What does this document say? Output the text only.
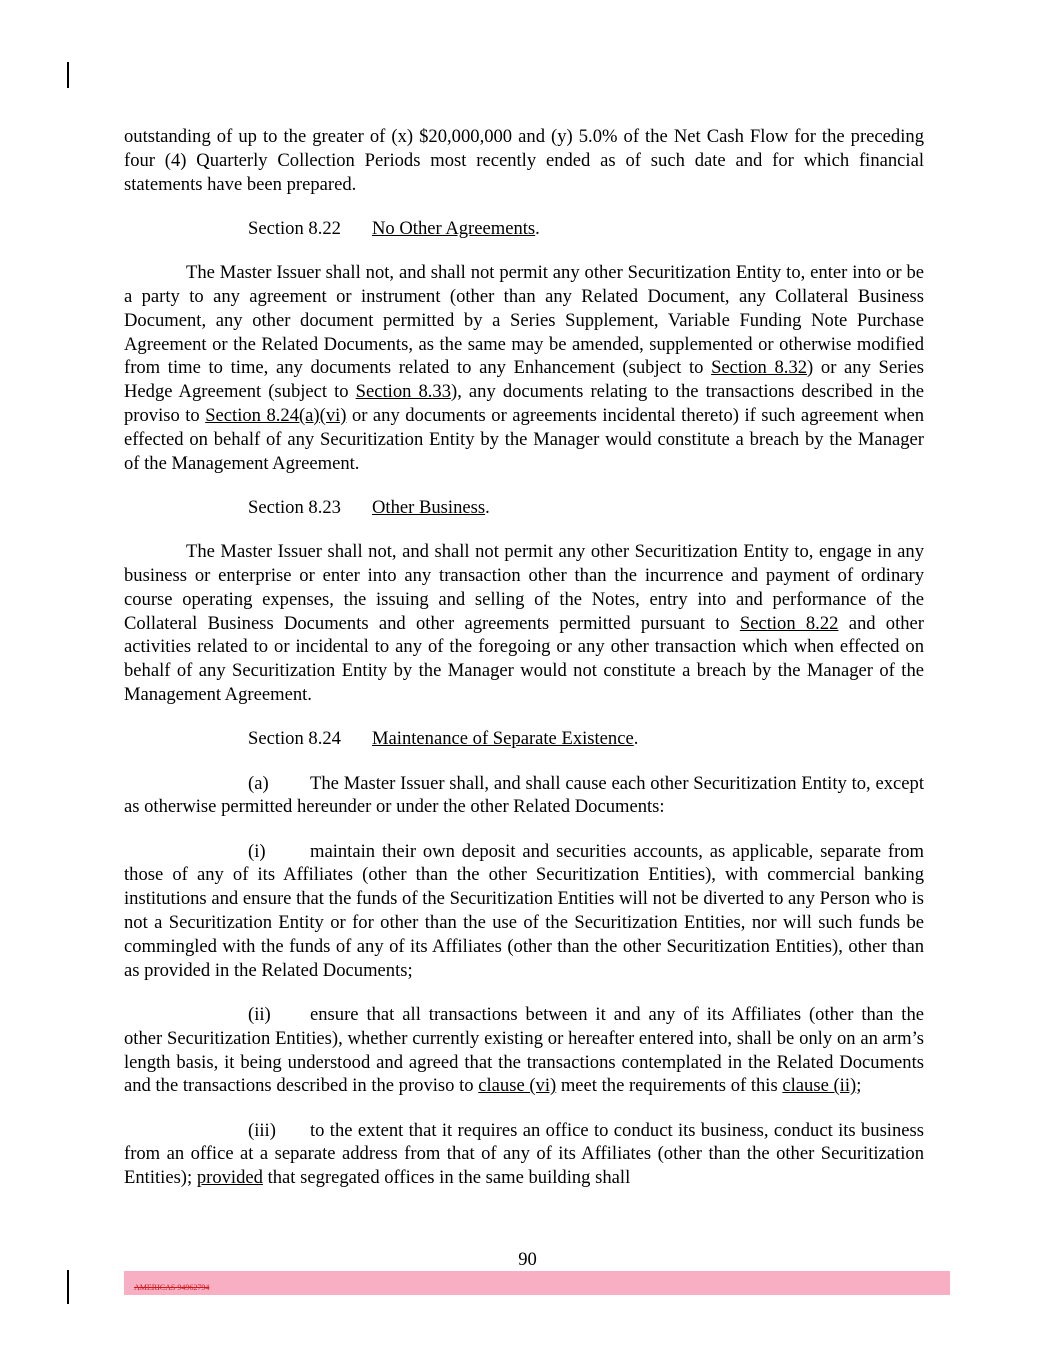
outstanding of up to the greater of (x) $20,000,000 and (y) 5.0% of the Net Cash Flow for the preceding four (4) Quarterly Collection Periods most recently ended as of such date and for which financial statements have been prepared.

Section 8.22 No Other Agreements.

The Master Issuer shall not, and shall not permit any other Securitization Entity to, enter into or be a party to any agreement or instrument (other than any Related Document, any Collateral Business Document, any other document permitted by a Series Supplement, Variable Funding Note Purchase Agreement or the Related Documents, as the same may be amended, supplemented or otherwise modified from time to time, any documents related to any Enhancement (subject to Section 8.32) or any Series Hedge Agreement (subject to Section 8.33), any documents relating to the transactions described in the proviso to Section 8.24(a)(vi) or any documents or agreements incidental thereto) if such agreement when effected on behalf of any Securitization Entity by the Manager would constitute a breach by the Manager of the Management Agreement.

Section 8.23 Other Business.

The Master Issuer shall not, and shall not permit any other Securitization Entity to, engage in any business or enterprise or enter into any transaction other than the incurrence and payment of ordinary course operating expenses, the issuing and selling of the Notes, entry into and performance of the Collateral Business Documents and other agreements permitted pursuant to Section 8.22 and other activities related to or incidental to any of the foregoing or any other transaction which when effected on behalf of any Securitization Entity by the Manager would not constitute a breach by the Manager of the Management Agreement.

Section 8.24 Maintenance of Separate Existence.

(a) The Master Issuer shall, and shall cause each other Securitization Entity to, except as otherwise permitted hereunder or under the other Related Documents:

(i) maintain their own deposit and securities accounts, as applicable, separate from those of any of its Affiliates (other than the other Securitization Entities), with commercial banking institutions and ensure that the funds of the Securitization Entities will not be diverted to any Person who is not a Securitization Entity or for other than the use of the Securitization Entities, nor will such funds be commingled with the funds of any of its Affiliates (other than the other Securitization Entities), other than as provided in the Related Documents;

(ii) ensure that all transactions between it and any of its Affiliates (other than the other Securitization Entities), whether currently existing or hereafter entered into, shall be only on an arm’s length basis, it being understood and agreed that the transactions contemplated in the Related Documents and the transactions described in the proviso to clause (vi) meet the requirements of this clause (ii);

(iii) to the extent that it requires an office to conduct its business, conduct its business from an office at a separate address from that of any of its Affiliates (other than the other Securitization Entities); provided that segregated offices in the same building shall

90
AMERICAS 94962794
